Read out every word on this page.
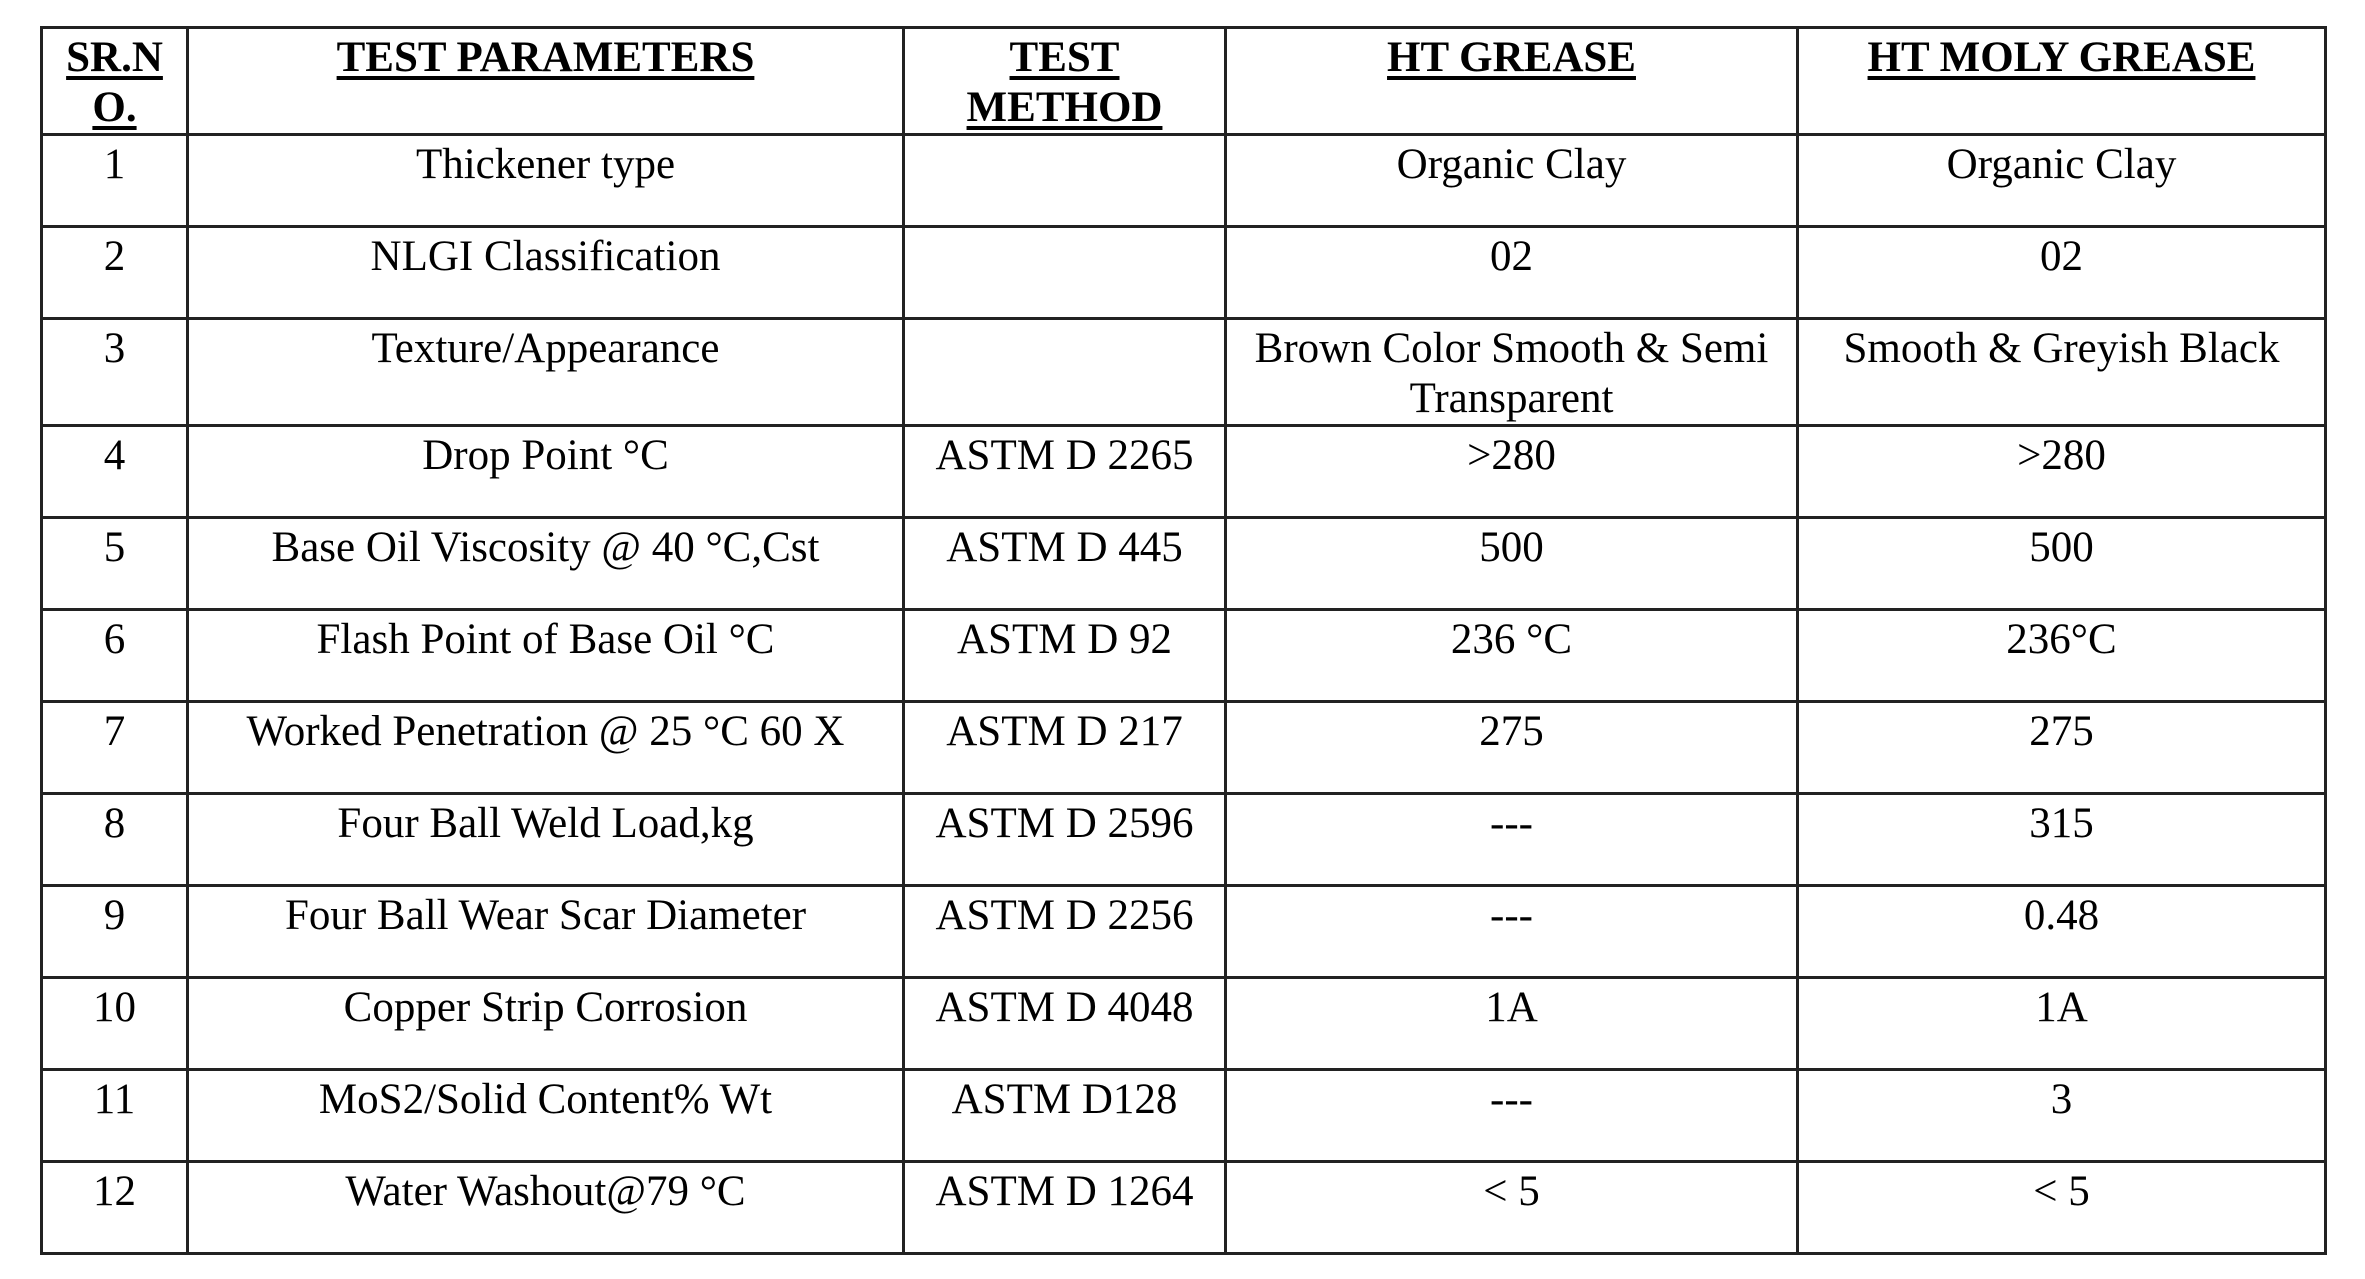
SR.NO.	TEST PARAMETERS	TEST METHOD	HT GREASE	HT MOLY GREASE
1	Thickener type		Organic Clay	Organic Clay
2	NLGI Classification		02	02
3	Texture/Appearance		Brown Color Smooth & Semi Transparent	Smooth & Greyish Black
4	Drop Point °C	ASTM D 2265	>280	>280
5	Base Oil Viscosity @ 40 °C,Cst	ASTM D 445	500	500
6	Flash Point of Base Oil °C	ASTM D 92	236 °C	236°C
7	Worked Penetration @ 25 °C 60 X	ASTM D 217	275	275
8	Four Ball Weld Load,kg	ASTM D 2596	---	315
9	Four Ball Wear Scar Diameter	ASTM D 2256	---	0.48
10	Copper Strip Corrosion	ASTM D 4048	1A	1A
11	MoS2/Solid Content% Wt	ASTM D128	---	3
12	Water Washout@79 °C	ASTM D 1264	< 5	< 5
